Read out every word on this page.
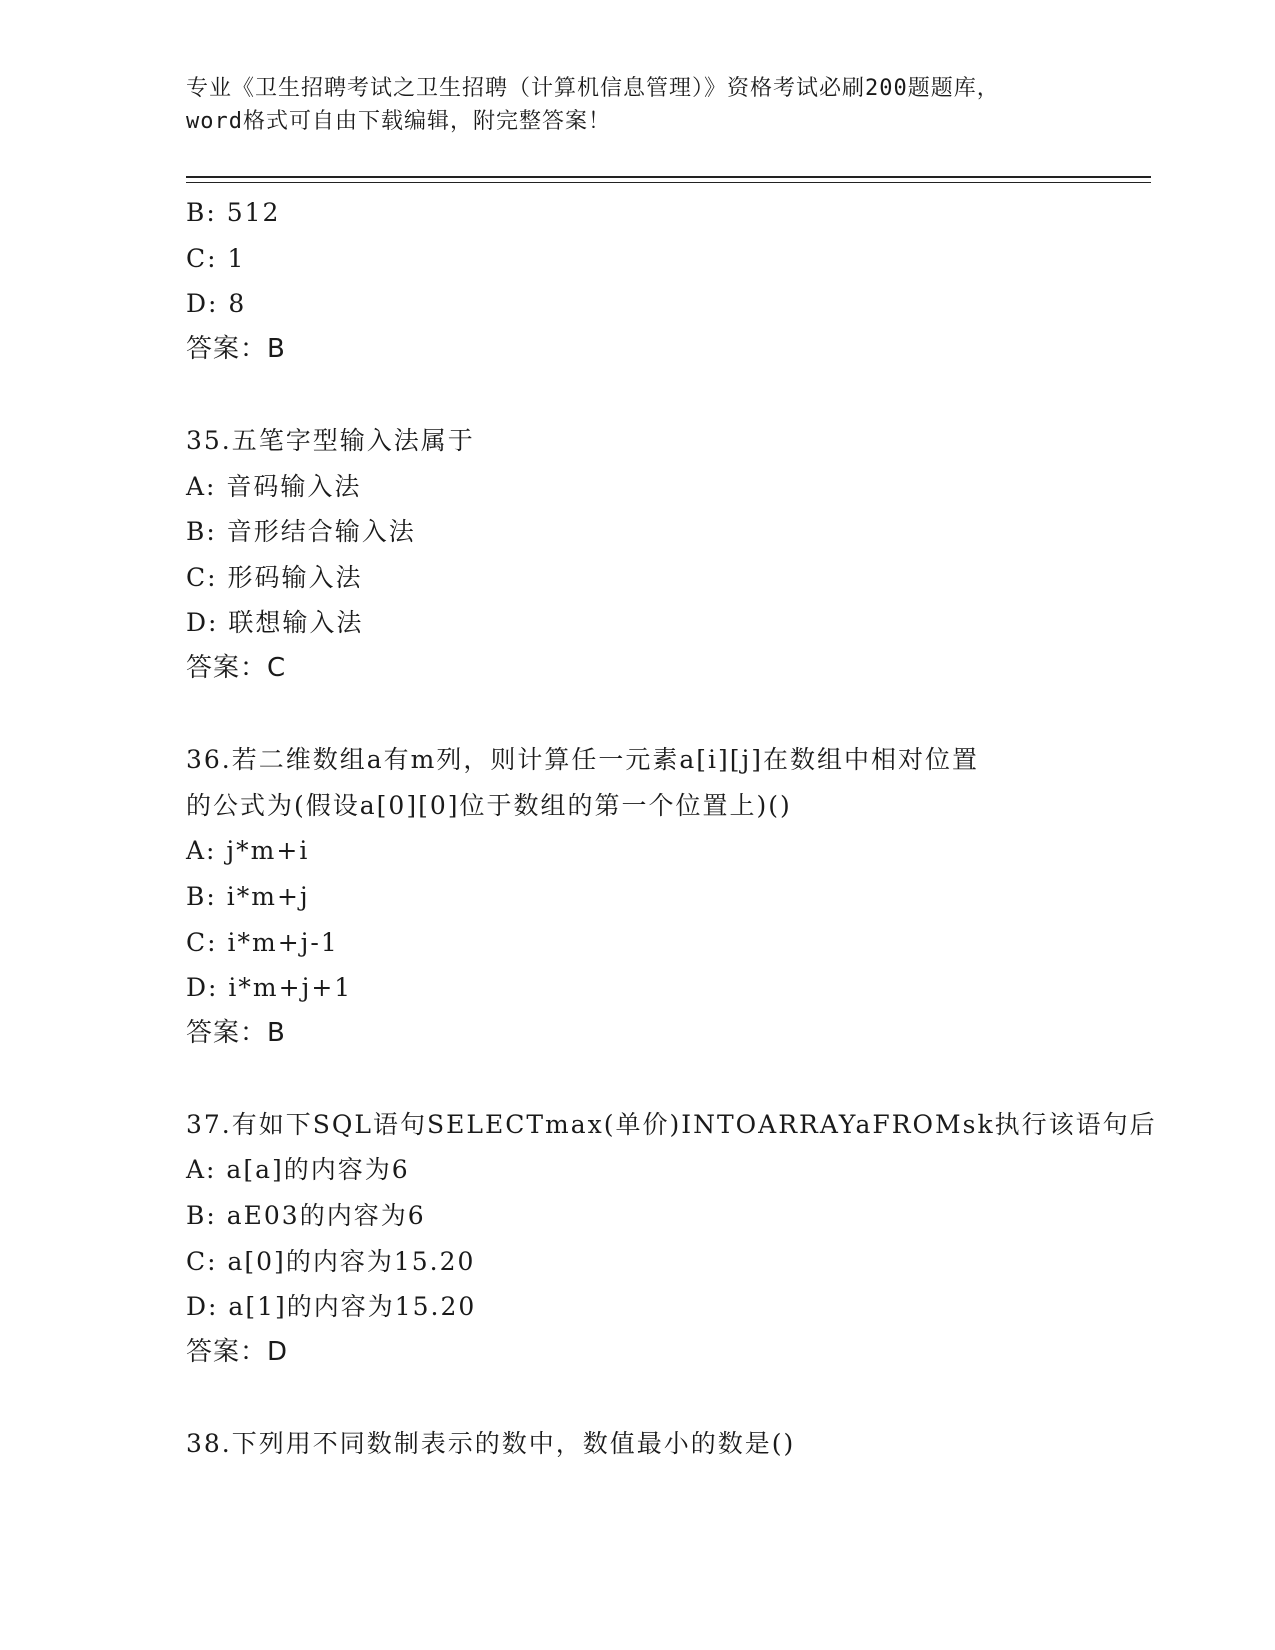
专业《卫生招聘考试之卫生招聘（计算机信息管理）》资格考试必刷200题题库，
word格式可自由下载编辑，附完整答案！
B: 512
C: 1
D: 8
答案：B
35.五笔字型输入法属于
A: 音码输入法
B: 音形结合输入法
C: 形码输入法
D: 联想输入法
答案：C
36.若二维数组a有m列，则计算任一元素a[i][j]在数组中相对位置
的公式为(假设a[0][0]位于数组的第一个位置上)()
A: j*m+i
B: i*m+j
C: i*m+j-1
D: i*m+j+1
答案：B
37.有如下SQL语句SELECTmax(单价)INTOARRAYaFROMsk执行该语句后
A: a[a]的内容为6
B: aE03的内容为6
C: a[0]的内容为15.20
D: a[1]的内容为15.20
答案：D
38.下列用不同数制表示的数中，数值最小的数是()
